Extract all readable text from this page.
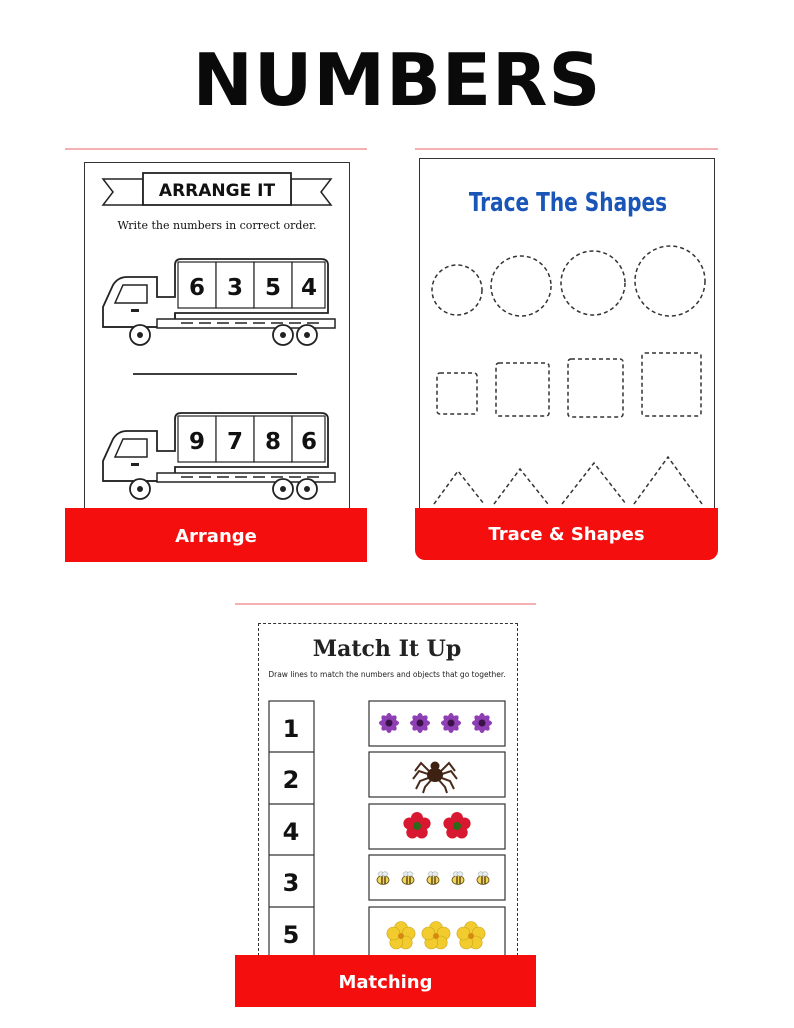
NUMBERS
ARRANGE IT
Write the numbers in correct order.
6 3 5 4
9 7 8 6
Arrange
Trace The Shapes
Trace & Shapes
Match It Up
Draw lines to match the numbers and objects that go together.
1
2
4
3
5
Matching
